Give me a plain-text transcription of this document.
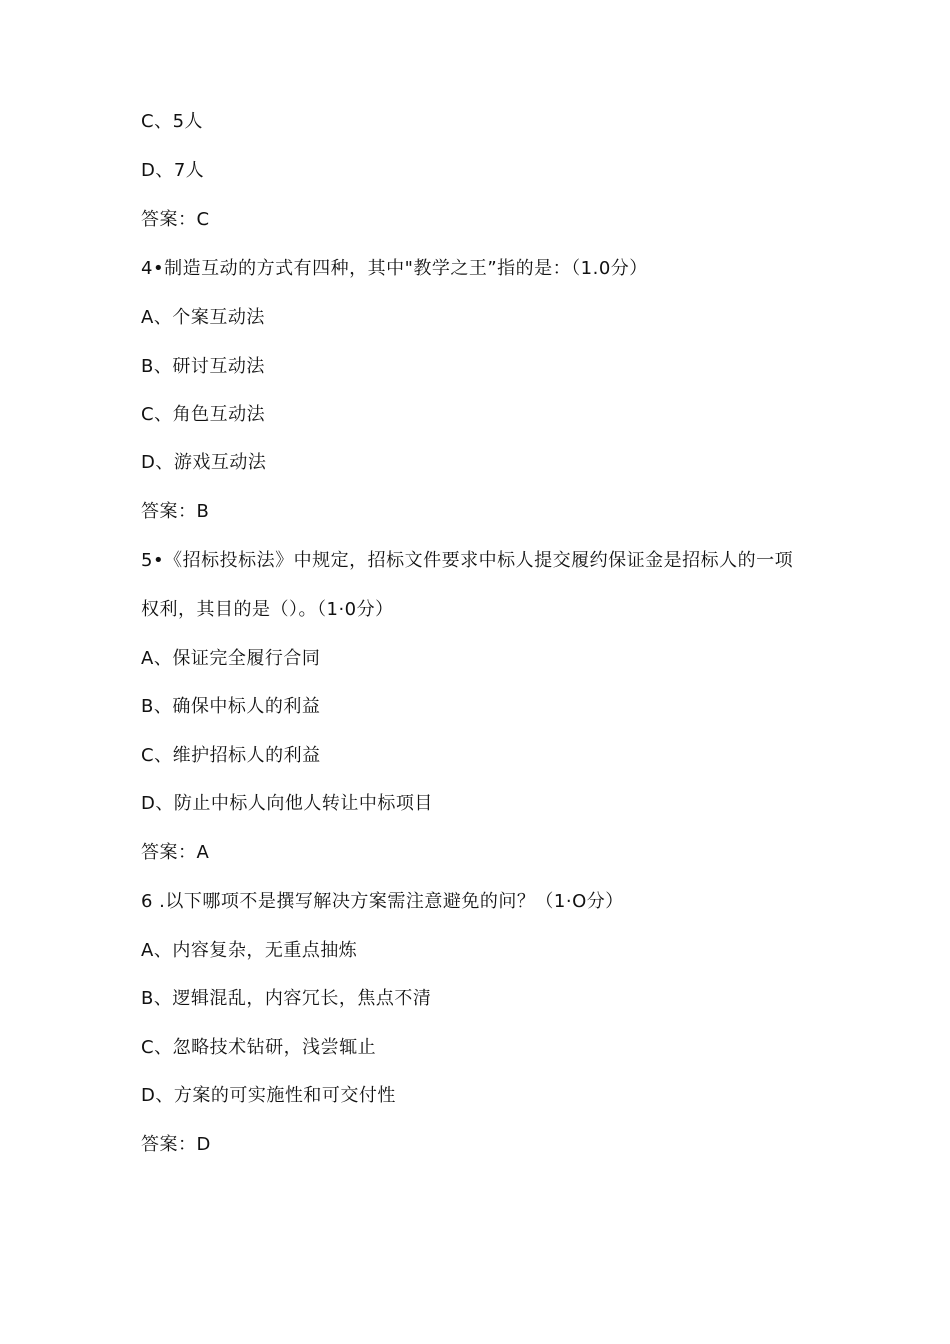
C、5人
D、7人
答案：C
4•制造互动的方式有四种，其中"教学之王”指的是：（1.0分）
A、个案互动法
B、研讨互动法
C、角色互动法
D、游戏互动法
答案：B
5•《招标投标法》中规定，招标文件要求中标人提交履约保证金是招标人的一项
权利，其目的是（）。（1·0分）
A、保证完全履行合同
B、确保中标人的利益
C、维护招标人的利益
D、防止中标人向他人转让中标项目
答案：A
6 .以下哪项不是撰写解决方案需注意避免的问？（1·O分）
A、内容复杂，无重点抽炼
B、逻辑混乱，内容冗长，焦点不清
C、忽略技术钻研，浅尝辄止
D、方案的可实施性和可交付性
答案：D
